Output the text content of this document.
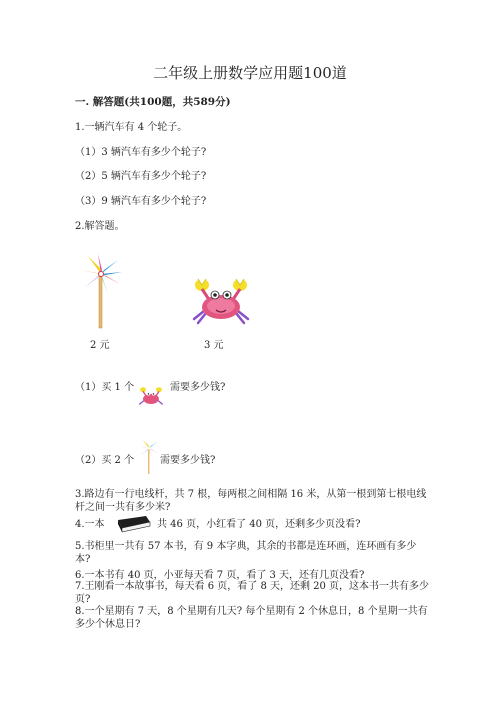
二年级上册数学应用题100道
一. 解答题(共100题，共589分)
1.一辆汽车有 4 个轮子。
（1）3 辆汽车有多少个轮子?
（2）5 辆汽车有多少个轮子?
（3）9 辆汽车有多少个轮子?
2.解答题。
2 元	3 元
（1）买 1 个	需要多少钱?
（2）买 2 个	需要多少钱?
3.路边有一行电线杆，共 7 根，每两根之间相隔 16 米，从第一根到第七根电线杆之间一共有多少米?
4.一本	共 46 页，小红看了 40 页，还剩多少页没看?
5.书柜里一共有 57 本书，有 9 本字典，其余的书都是连环画，连环画有多少本?
6.一本书有 40 页，小亚每天看 7 页，看了 3 天，还有几页没看?
7.王刚看一本故事书，每天看 6 页，看了 8 天，还剩 20 页，这本书一共有多少页?
8.一个星期有 7 天，8 个星期有几天? 每个星期有 2 个休息日，8 个星期一共有多少个休息日?
